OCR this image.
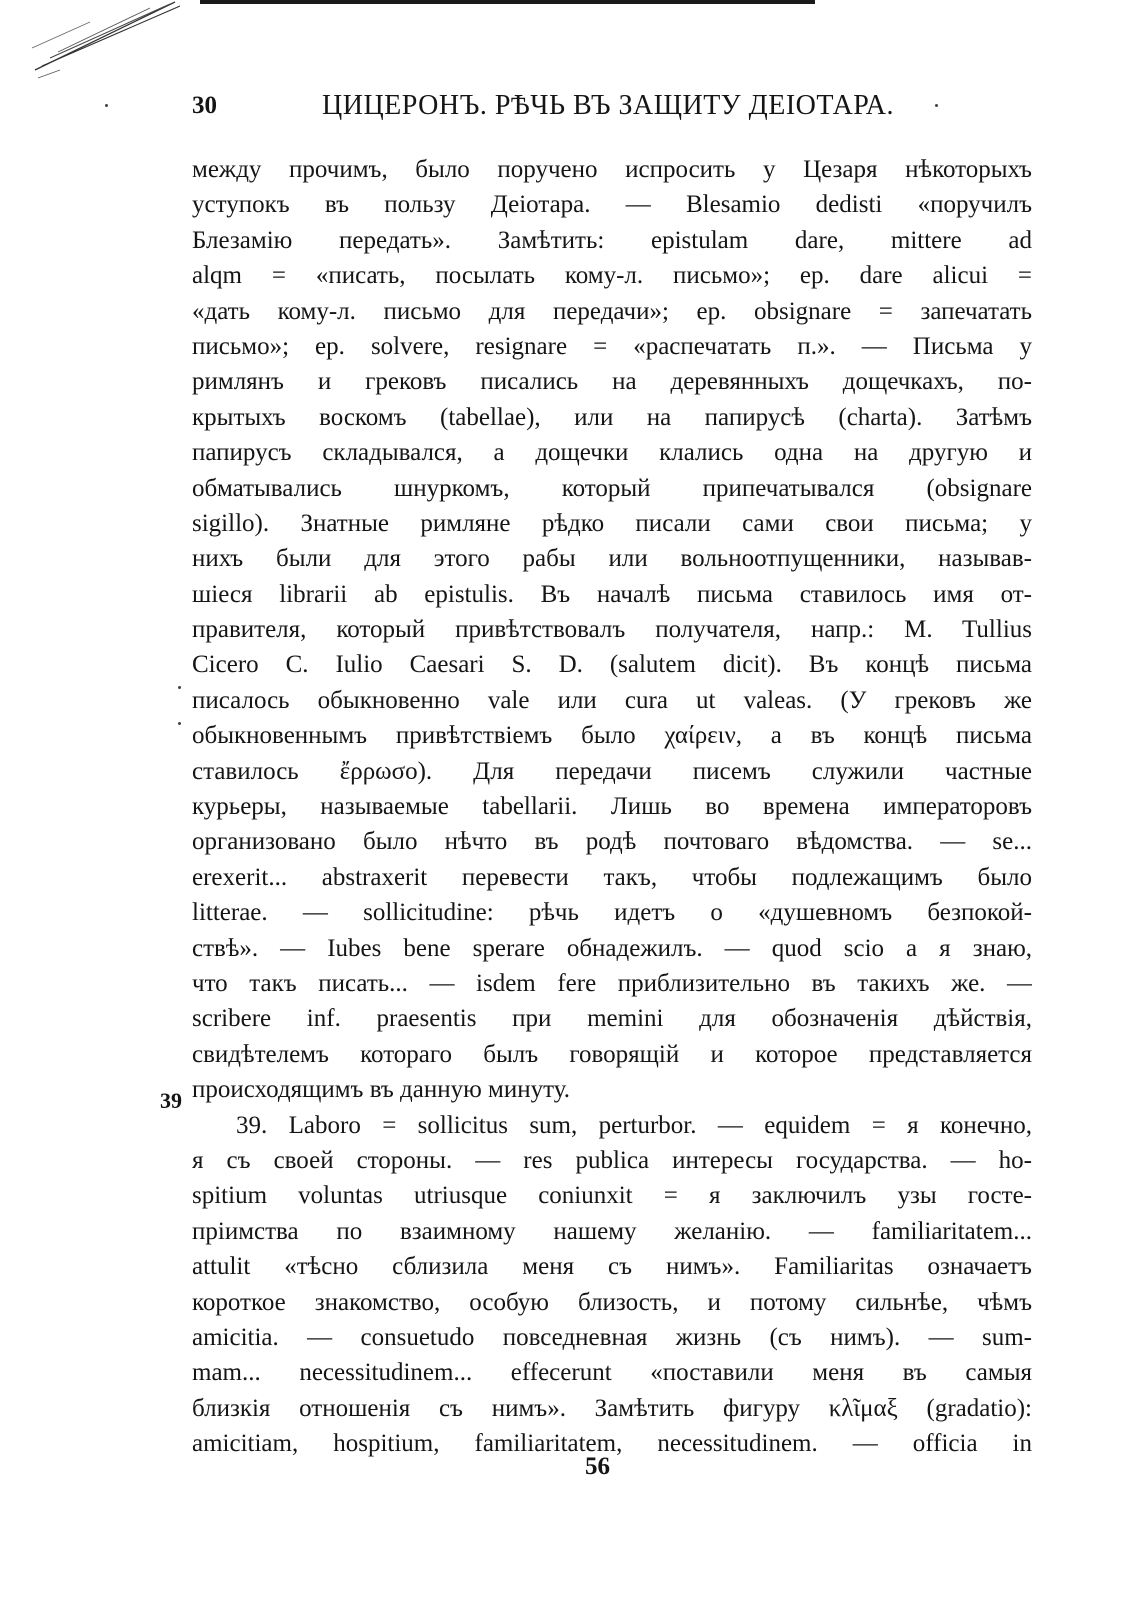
30	ЦИЦЕРОНЪ. РѢЧЬ ВЪ ЗАЩИТУ ДЕІОТАРА.
39
между прочимъ, было поручено испросить у Цезаря нѣкоторыхъ
уступокъ въ пользу Деіотара. — Blesamio dedisti «поручилъ
Блезамію передать». Замѣтить: epistulam dare, mittere ad
alqm = «писать, посылать кому-л. письмо»; ep. dare alicui =
«дать кому-л. письмо для передачи»; ep. obsignare = запечатать
письмо»; ep. solvere, resignare = «распечатать п.». — Письма у
римлянъ и грековъ писались на деревянныхъ дощечкахъ, по-
крытыхъ воскомъ (tabellae), или на папирусѣ (charta). Затѣмъ
папирусъ складывался, а дощечки клались одна на другую и
обматывались шнуркомъ, который припечатывался (obsignare
sigillo). Знатные римляне рѣдко писали сами свои письма; у
нихъ были для этого рабы или вольноотпущенники, называв-
шіеся librarii ab epistulis. Въ началѣ письма ставилось имя от-
правителя, который привѣтствовалъ получателя, напр.: M. Tullius
Cicero C. Iulio Caesari S. D. (salutem dicit). Въ концѣ письма
писалось обыкновенно vale или cura ut valeas. (У грековъ же
обыкновеннымъ привѣтствіемъ было χαίρειν, а въ концѣ письма
ставилось ἔρρωσο). Для передачи писемъ служили частные
курьеры, называемые tabellarii. Лишь во времена императоровъ
организовано было нѣчто въ родѣ почтоваго вѣдомства. — se...
erexerit... abstraxerit перевести такъ, чтобы подлежащимъ было
litterae. — sollicitudine: рѣчь идетъ о «душевномъ безпокой-
ствѣ». — Iubes bene sperare обнадежилъ. — quod scio а я знаю,
что такъ писать... — isdem fere приблизительно въ такихъ же. —
scribere inf. praesentis при memini для обозначенія дѣйствія,
свидѣтелемъ котораго былъ говорящій и которое представляется
происходящимъ въ данную минуту.
39. Laboro = sollicitus sum, perturbor. — equidem = я конечно,
я съ своей стороны. — res publica интересы государства. — ho-
spitium voluntas utriusque coniunxit = я заключилъ узы госте-
пріимства по взаимному нашему желанію. — familiaritatem...
attulit «тѣсно сблизила меня съ нимъ». Familiaritas означаетъ
короткое знакомство, особую близость, и потому сильнѣе, чѣмъ
amicitia. — consuetudo повседневная жизнь (съ нимъ). — sum-
mam... necessitudinem... effecerunt «поставили меня въ самыя
близкія отношенія съ нимъ». Замѣтить фигуру κλῖμαξ (gradatio):
amicitiam, hospitium, familiaritatem, necessitudinem. — officia in
56
